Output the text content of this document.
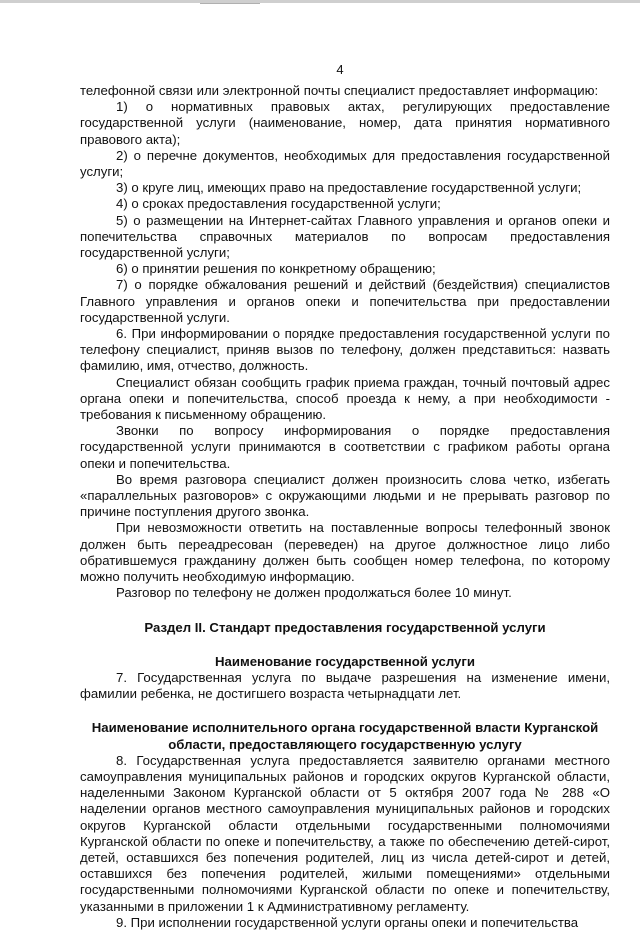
4

телефонной связи или электронной почты специалист предоставляет информацию:

1) о нормативных правовых актах, регулирующих предоставление государственной услуги (наименование, номер, дата принятия нормативного правового акта);

2) о перечне документов, необходимых для предоставления государственной услуги;

3) о круге лиц, имеющих право на предоставление государственной услуги;

4) о сроках предоставления государственной услуги;

5) о размещении на Интернет-сайтах Главного управления и органов опеки и попечительства справочных материалов по вопросам предоставления государственной услуги;

6) о принятии решения по конкретному обращению;

7) о порядке обжалования решений и действий (бездействия) специалистов Главного управления и органов опеки и попечительства при предоставлении государственной услуги.

6. При информировании о порядке предоставления государственной услуги по телефону специалист, приняв вызов по телефону, должен представиться: назвать фамилию, имя, отчество, должность.

Специалист обязан сообщить график приема граждан, точный почтовый адрес органа опеки и попечительства, способ проезда к нему, а при необходимости - требования к письменному обращению.

Звонки по вопросу информирования о порядке предоставления государственной услуги принимаются в соответствии с графиком работы органа опеки и попечительства.

Во время разговора специалист должен произносить слова четко, избегать «параллельных разговоров» с окружающими людьми и не прерывать разговор по причине поступления другого звонка.

При невозможности ответить на поставленные вопросы телефонный звонок должен быть переадресован (переведен) на другое должностное лицо либо обратившемуся гражданину должен быть сообщен номер телефона, по которому можно получить необходимую информацию.

Разговор по телефону не должен продолжаться более 10 минут.

Раздел II. Стандарт предоставления государственной услуги

Наименование государственной услуги

7. Государственная услуга по выдаче разрешения на изменение имени, фамилии ребенка, не достигшего возраста четырнадцати лет.

Наименование исполнительного органа государственной власти Курганской области, предоставляющего государственную услугу

8. Государственная услуга предоставляется заявителю органами местного самоуправления муниципальных районов и городских округов Курганской области, наделенными Законом Курганской области от 5 октября 2007 года № 288 «О наделении органов местного самоуправления муниципальных районов и городских округов Курганской области отдельными государственными полномочиями Курганской области по опеке и попечительству, а также по обеспечению детей-сирот, детей, оставшихся без попечения родителей, лиц из числа детей-сирот и детей, оставшихся без попечения родителей, жилыми помещениями» отдельными государственными полномочиями Курганской области по опеке и попечительству, указанными в приложении 1 к Административному регламенту.

9. При исполнении государственной услуги органы опеки и попечительства
